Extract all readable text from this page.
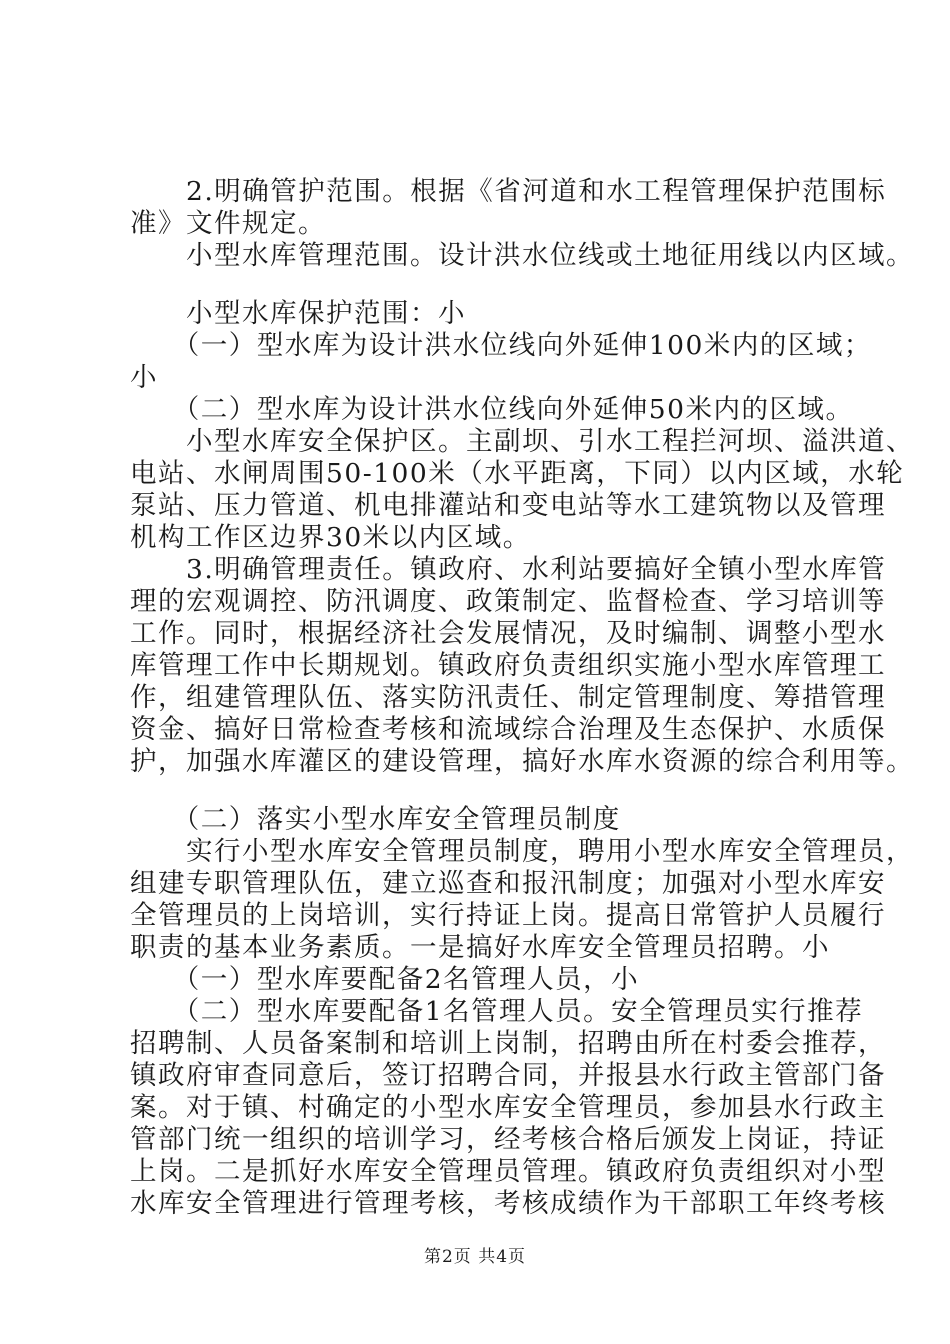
　　2.明确管护范围。根据《省河道和水工程管理保护范围标
准》文件规定。
　　小型水库管理范围。设计洪水位线或土地征用线以内区域。
　　小型水库保护范围：小
　　（一）型水库为设计洪水位线向外延伸100米内的区域；
小
　　（二）型水库为设计洪水位线向外延伸50米内的区域。
　　小型水库安全保护区。主副坝、引水工程拦河坝、溢洪道、
电站、水闸周围50-100米（水平距离，下同）以内区域，水轮
泵站、压力管道、机电排灌站和变电站等水工建筑物以及管理
机构工作区边界30米以内区域。
　　3.明确管理责任。镇政府、水利站要搞好全镇小型水库管
理的宏观调控、防汛调度、政策制定、监督检查、学习培训等
工作。同时，根据经济社会发展情况，及时编制、调整小型水
库管理工作中长期规划。镇政府负责组织实施小型水库管理工
作，组建管理队伍、落实防汛责任、制定管理制度、筹措管理
资金、搞好日常检查考核和流域综合治理及生态保护、水质保
护，加强水库灌区的建设管理，搞好水库水资源的综合利用等。
　　（二）落实小型水库安全管理员制度
　　实行小型水库安全管理员制度，聘用小型水库安全管理员，
组建专职管理队伍，建立巡查和报汛制度；加强对小型水库安
全管理员的上岗培训，实行持证上岗。提高日常管护人员履行
职责的基本业务素质。一是搞好水库安全管理员招聘。小
　　（一）型水库要配备2名管理人员，小
　　（二）型水库要配备1名管理人员。安全管理员实行推荐
招聘制、人员备案制和培训上岗制，招聘由所在村委会推荐，
镇政府审查同意后，签订招聘合同，并报县水行政主管部门备
案。对于镇、村确定的小型水库安全管理员，参加县水行政主
管部门统一组织的培训学习，经考核合格后颁发上岗证，持证
上岗。二是抓好水库安全管理员管理。镇政府负责组织对小型
水库安全管理进行管理考核，考核成绩作为干部职工年终考核
第2页 共4页
